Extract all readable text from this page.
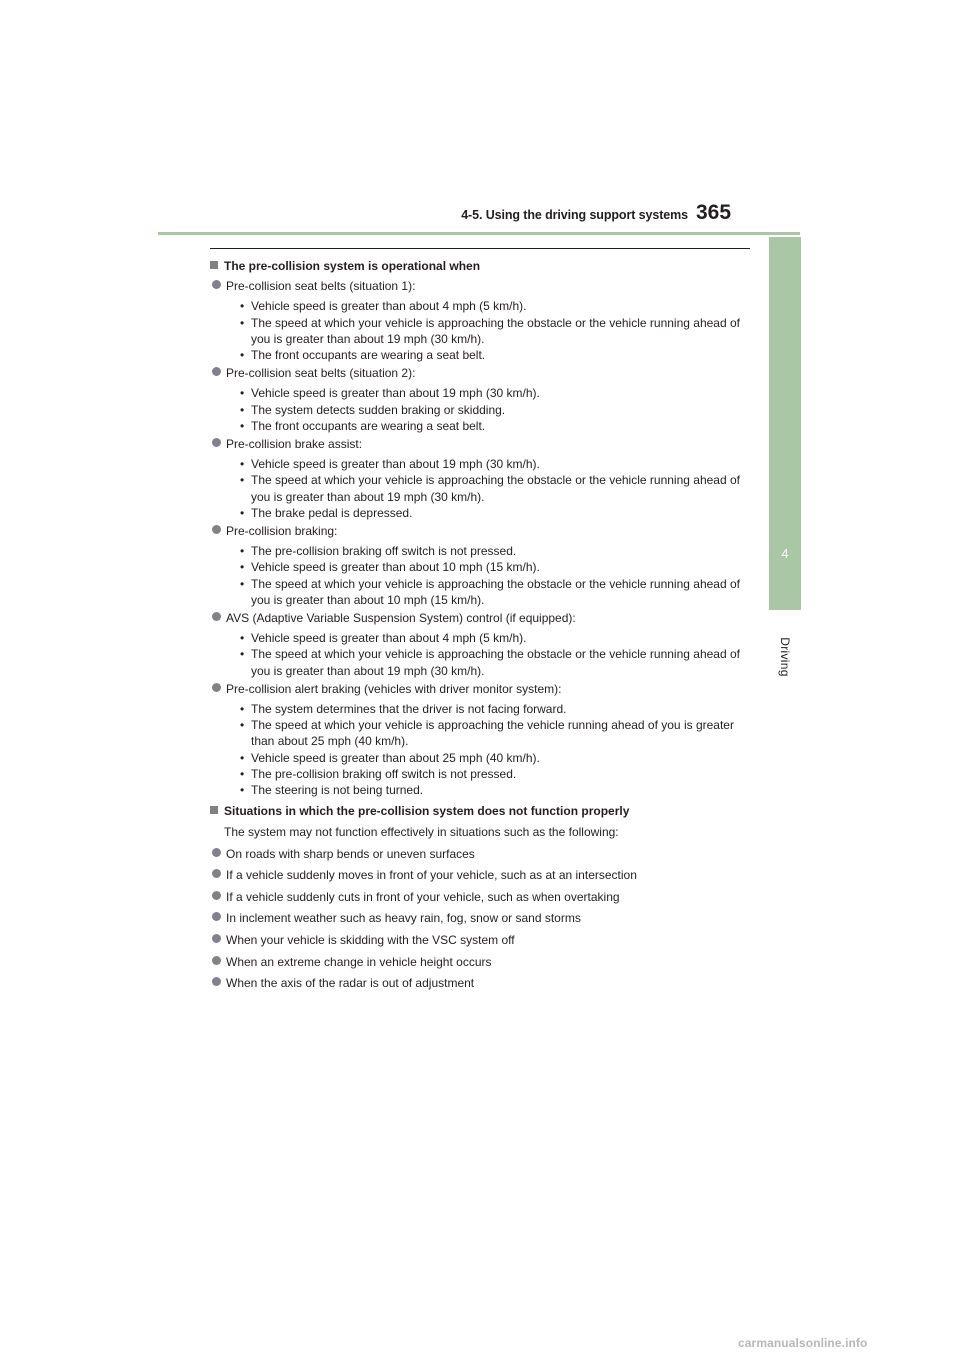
4-5. Using the driving support systems 365
4
Driving
The pre-collision system is operational when
Pre-collision seat belts (situation 1):
• Vehicle speed is greater than about 4 mph (5 km/h).
• The speed at which your vehicle is approaching the obstacle or the vehicle running ahead of you is greater than about 19 mph (30 km/h).
• The front occupants are wearing a seat belt.
Pre-collision seat belts (situation 2):
• Vehicle speed is greater than about 19 mph (30 km/h).
• The system detects sudden braking or skidding.
• The front occupants are wearing a seat belt.
Pre-collision brake assist:
• Vehicle speed is greater than about 19 mph (30 km/h).
• The speed at which your vehicle is approaching the obstacle or the vehicle running ahead of you is greater than about 19 mph (30 km/h).
• The brake pedal is depressed.
Pre-collision braking:
• The pre-collision braking off switch is not pressed.
• Vehicle speed is greater than about 10 mph (15 km/h).
• The speed at which your vehicle is approaching the obstacle or the vehicle running ahead of you is greater than about 10 mph (15 km/h).
AVS (Adaptive Variable Suspension System) control (if equipped):
• Vehicle speed is greater than about 4 mph (5 km/h).
• The speed at which your vehicle is approaching the obstacle or the vehicle running ahead of you is greater than about 19 mph (30 km/h).
Pre-collision alert braking (vehicles with driver monitor system):
• The system determines that the driver is not facing forward.
• The speed at which your vehicle is approaching the vehicle running ahead of you is greater than about 25 mph (40 km/h).
• Vehicle speed is greater than about 25 mph (40 km/h).
• The pre-collision braking off switch is not pressed.
• The steering is not being turned.
Situations in which the pre-collision system does not function properly
The system may not function effectively in situations such as the following:
On roads with sharp bends or uneven surfaces
If a vehicle suddenly moves in front of your vehicle, such as at an intersection
If a vehicle suddenly cuts in front of your vehicle, such as when overtaking
In inclement weather such as heavy rain, fog, snow or sand storms
When your vehicle is skidding with the VSC system off
When an extreme change in vehicle height occurs
When the axis of the radar is out of adjustment
carmanualsonline.info
